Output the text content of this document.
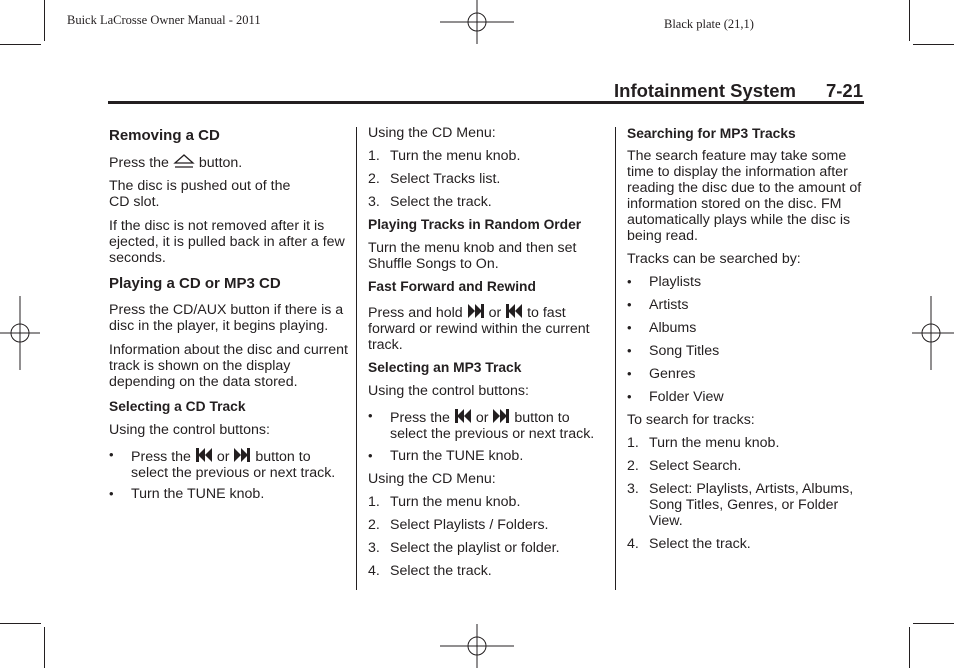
Buick LaCrosse Owner Manual - 2011	Black plate (21,1)
Infotainment System 7-21
Removing a CD

Press the button.

The disc is pushed out of the
CD slot.

If the disc is not removed after it is ejected, it is pulled back in after a few seconds.

Playing a CD or MP3 CD

Press the CD/AUX button if there is a disc in the player, it begins playing.

Information about the disc and current track is shown on the display depending on the data stored.

Selecting a CD Track

Using the control buttons:

• Press the or button to select the previous or next track.
• Turn the TUNE knob.

Using the CD Menu:

1. Turn the menu knob.
2. Select Tracks list.
3. Select the track.
Playing Tracks in Random Order

Turn the menu knob and then set Shuffle Songs to On.

Fast Forward and Rewind

Press and hold or to fast forward or rewind within the current track.

Selecting an MP3 Track

Using the control buttons:

• Press the or button to select the previous or next track.
• Turn the TUNE knob.

Using the CD Menu:

1. Turn the menu knob.
2. Select Playlists / Folders.
3. Select the playlist or folder.
4. Select the track.
Searching for MP3 Tracks

The search feature may take some time to display the information after reading the disc due to the amount of information stored on the disc. FM automatically plays while the disc is being read.

Tracks can be searched by:

• Playlists
• Artists
• Albums
• Song Titles
• Genres
• Folder View

To search for tracks:

1. Turn the menu knob.
2. Select Search.
3. Select: Playlists, Artists, Albums, Song Titles, Genres, or Folder View.
4. Select the track.
